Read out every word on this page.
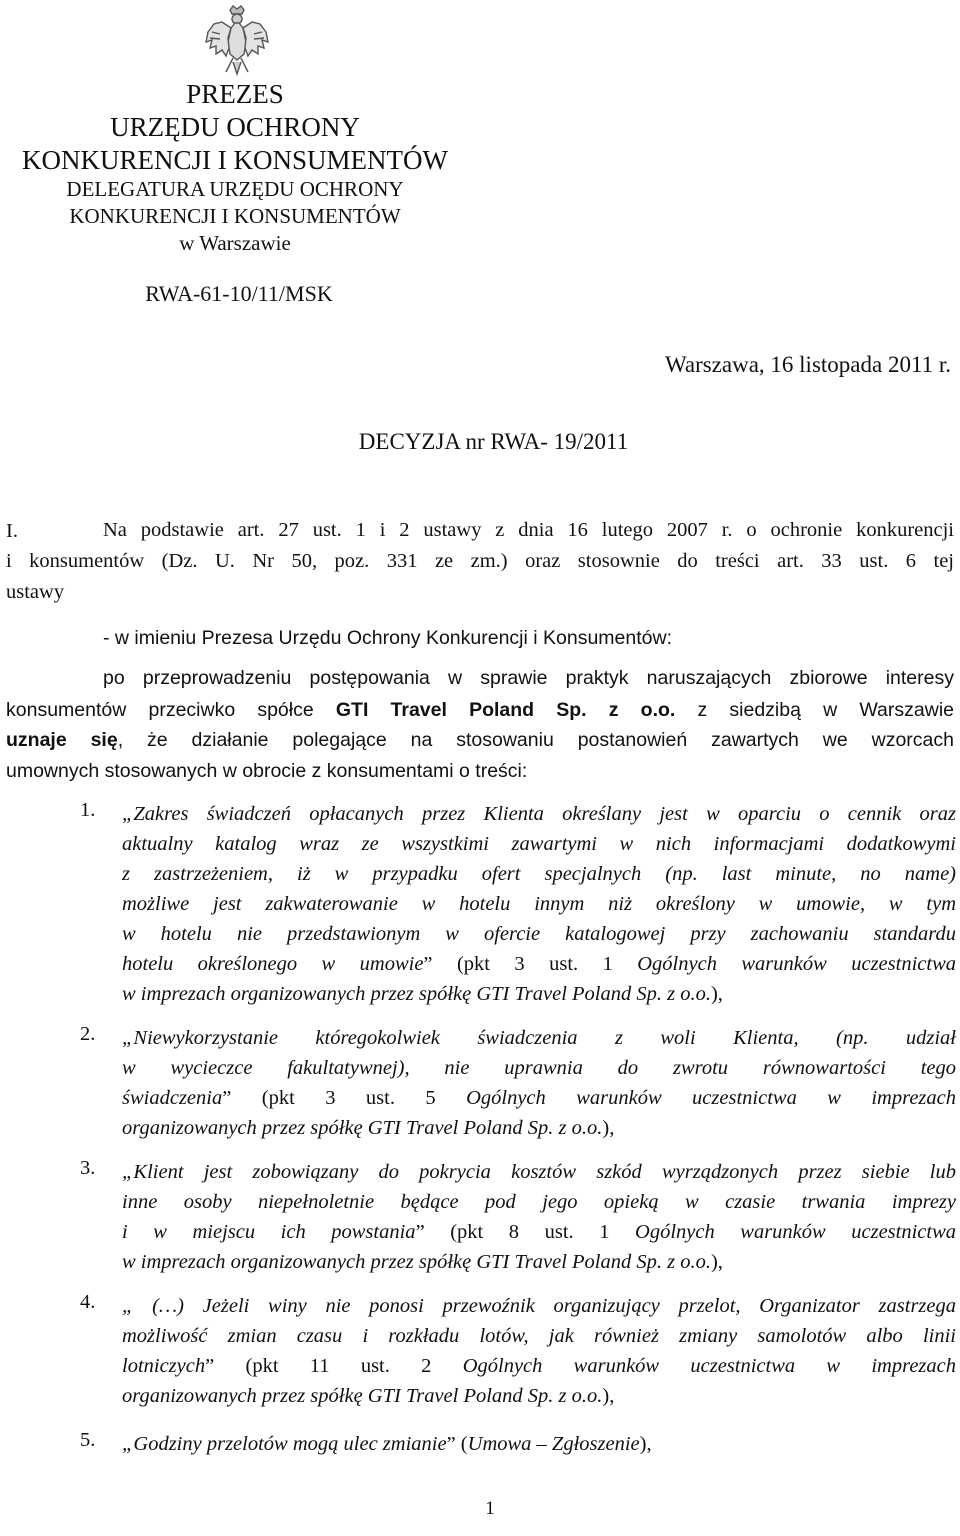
PREZES
URZĘDU OCHRONY
KONKURENCJI I KONSUMENTÓW
DELEGATURA URZĘDU OCHRONY
KONKURENCJI I KONSUMENTÓW
w Warszawie
RWA-61-10/11/MSK
Warszawa, 16 listopada 2011 r.
DECYZJA nr RWA- 19/2011
I.	Na podstawie art. 27 ust. 1 i 2 ustawy z dnia 16 lutego 2007 r. o ochronie konkurencji
i konsumentów (Dz. U. Nr 50, poz. 331 ze zm.) oraz stosownie do treści art. 33 ust. 6 tej
ustawy
- w imieniu Prezesa Urzędu Ochrony Konkurencji i Konsumentów:
po przeprowadzeniu postępowania w sprawie praktyk naruszających zbiorowe interesy
konsumentów przeciwko spółce GTI Travel Poland Sp. z o.o. z siedzibą w Warszawie
uznaje się, że działanie polegające na stosowaniu postanowień zawartych we wzorcach
umownych stosowanych w obrocie z konsumentami o treści:
1. „Zakres świadczeń opłacanych przez Klienta określany jest w oparciu o cennik oraz
aktualny katalog wraz ze wszystkimi zawartymi w nich informacjami dodatkowymi
z zastrzeżeniem, iż w przypadku ofert specjalnych (np. last minute, no name)
możliwe jest zakwaterowanie w hotelu innym niż określony w umowie, w tym
w hotelu nie przedstawionym w ofercie katalogowej przy zachowaniu standardu
hotelu określonego w umowie” (pkt 3 ust. 1 Ogólnych warunków uczestnictwa
w imprezach organizowanych przez spółkę GTI Travel Poland Sp. z o.o.),
2. „Niewykorzystanie któregokolwiek świadczenia z woli Klienta, (np. udział
w wycieczce fakultatywnej), nie uprawnia do zwrotu równowartości tego
świadczenia” (pkt 3 ust. 5 Ogólnych warunków uczestnictwa w imprezach
organizowanych przez spółkę GTI Travel Poland Sp. z o.o.),
3. „Klient jest zobowiązany do pokrycia kosztów szkód wyrządzonych przez siebie lub
inne osoby niepełnoletnie będące pod jego opieką w czasie trwania imprezy
i w miejscu ich powstania” (pkt 8 ust. 1 Ogólnych warunków uczestnictwa
w imprezach organizowanych przez spółkę GTI Travel Poland Sp. z o.o.),
4. „ (…) Jeżeli winy nie ponosi przewoźnik organizujący przelot, Organizator zastrzega
możliwość zmian czasu i rozkładu lotów, jak również zmiany samolotów albo linii
lotniczych” (pkt 11 ust. 2 Ogólnych warunków uczestnictwa w imprezach
organizowanych przez spółkę GTI Travel Poland Sp. z o.o.),
5. „Godziny przelotów mogą ulec zmianie” (Umowa – Zgłoszenie),
1
